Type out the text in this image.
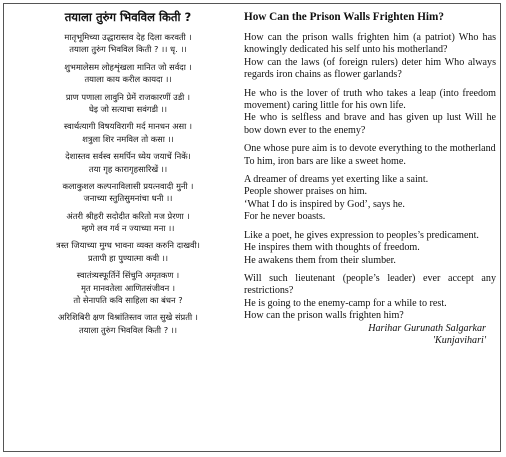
तयाला तुरुंग भिवविल किती ?
मातृभूमिच्या उद्धारास्तव देह दिला करवती ।
तयाला तुरुंग भिवविल किती ? ।। धृ. ।।
शुभमालेसम लोहशृंखला मानित जो सर्वदा ।
तयाला काय करील कायदा ।।
प्राण पणाला लावुनि प्रेमें राजकारणीं उडी ।
घेइ जो सत्याचा सवंगडी ।।
स्वार्थत्यागी विषयविरागी मर्द मानधन असा ।
शत्रुला शिर नमविल तो कसा ।।
देशास्तव सर्वस्व समर्पिन ध्येय जयाचें निकें।
तया गृह कारागृहसारिखें ।।
कलाकुशल कल्पनाविलासी प्रयत्नवादी मुनी ।
जनाच्या स्तुतिसुमनांचा धनी ।।
अंतरी श्रीहरी सदोदीत करितो मज प्रेरणा ।
म्हणे लव गर्व न ज्याच्या मना ।।
त्रस्त जियाच्या मुग्ध भावना व्यक्त करुनि दाखवी।
प्रतापी हा पुण्यात्मा कवी ।।
स्वातंत्र्यस्फूर्तिनें सिंचुनि अमृतकण ।
मृत मानवतेला आणितसंजीवन ।
तो सेनापति कवि साहिला का बंधन ?
अरिशिबिरी क्षण विश्रांतिस्तव जात सुखे संप्रती ।
तयाला तुरुंग भिवविल किती ? ।।
How Can the Prison Walls Frighten Him?
How can the prison walls frighten him (a patriot) Who has knowingly dedicated his self unto his motherland?
How can the laws (of foreign rulers) deter him Who always regards iron chains as flower garlands?
He who is the lover of truth who takes a leap (into freedom movement) caring little for his own life.
He who is selfless and brave and has given up lust Will he bow down ever to the enemy?
One whose pure aim is to devote everything to the motherland
To him, iron bars are like a sweet home.
A dreamer of dreams yet exerting like a saint.
People shower praises on him.
‘What I do is inspired by God’, says he.
For he never boasts.
Like a poet, he gives expression to peoples’s predicament.
He inspires them with thoughts of freedom.
He awakens them from their slumber.
Will such lieutenant (people’s leader) ever accept any restrictions?
He is going to the enemy-camp for a while to rest.
How can the prison walls frighten him?
Harihar Gurunath Salgarkar
'Kunjavihari'
